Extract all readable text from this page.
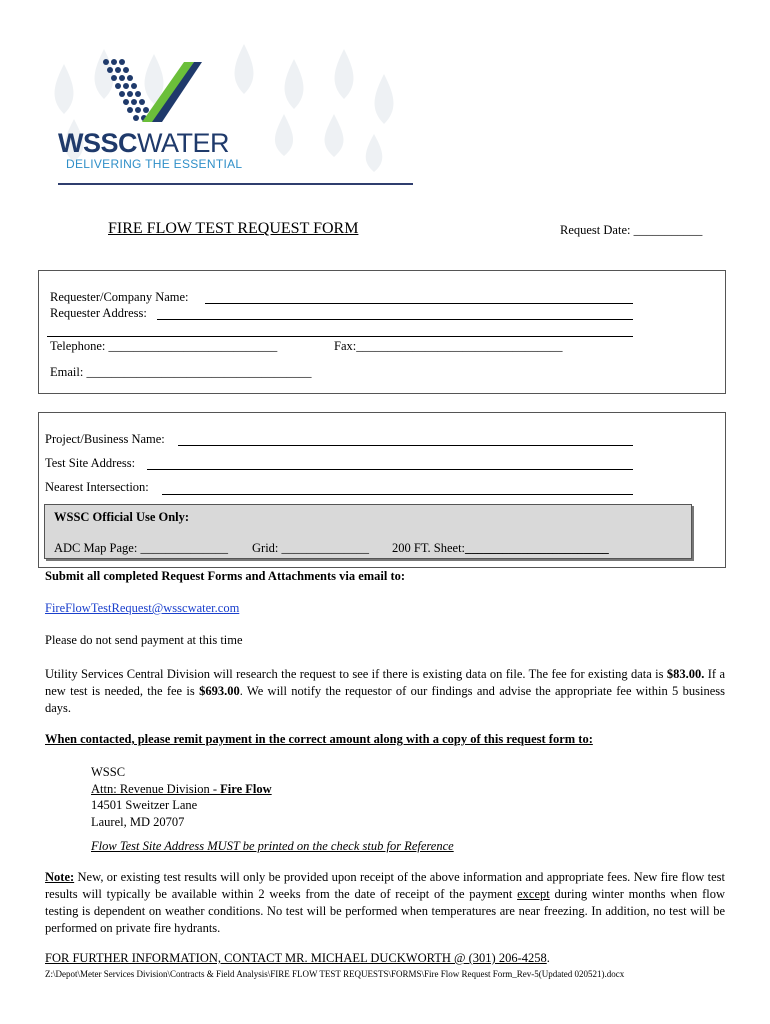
WSSCWATER
DELIVERING THE ESSENTIAL
FIRE FLOW TEST REQUEST FORM	Request Date: ___________
Requester/Company Name:
Requester Address:
Telephone: ___________________________	Fax:_________________________________
Email: ____________________________________
Project/Business Name:
Test Site Address:
Nearest Intersection:
WSSC Official Use Only:
ADC Map Page: ______________ Grid: ______________ 200 FT. Sheet:_______________________
Submit all completed Request Forms and Attachments via email to:
FireFlowTestRequest@wsscwater.com
Please do not send payment at this time
Utility Services Central Division will research the request to see if there is existing data on file. The fee for existing data is $83.00. If a new test is needed, the fee is $693.00. We will notify the requestor of our findings and advise the appropriate fee within 5 business days.
When contacted, please remit payment in the correct amount along with a copy of this request form to:
WSSC
Attn: Revenue Division - Fire Flow
14501 Sweitzer Lane
Laurel, MD 20707
Flow Test Site Address MUST be printed on the check stub for Reference
Note: New, or existing test results will only be provided upon receipt of the above information and appropriate fees. New fire flow test results will typically be available within 2 weeks from the date of receipt of the payment except during winter months when flow testing is dependent on weather conditions. No test will be performed when temperatures are near freezing. In addition, no test will be performed on private fire hydrants.
FOR FURTHER INFORMATION, CONTACT MR. MICHAEL DUCKWORTH @ (301) 206-4258.
Z:\Depot\Meter Services Division\Contracts & Field Analysis\FIRE FLOW TEST REQUESTS\FORMS\Fire Flow Request Form_Rev-5(Updated 020521).docx
